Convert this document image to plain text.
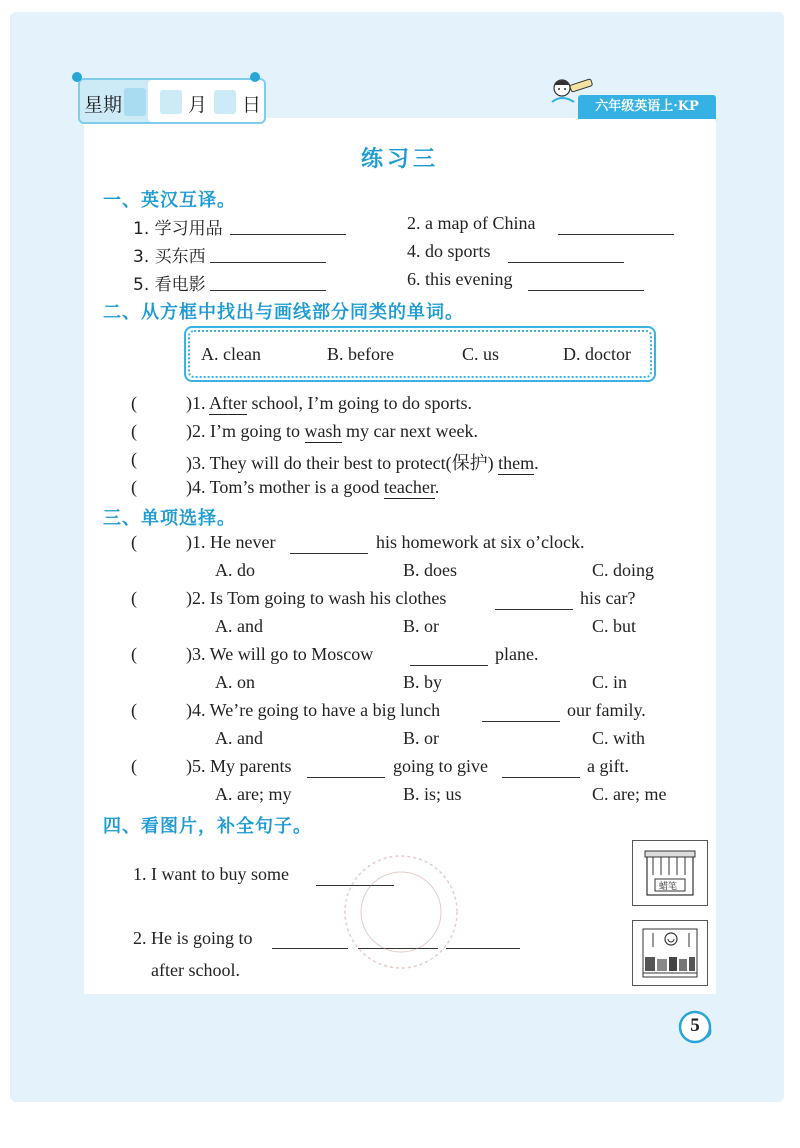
星期	月 日	六年级英语上·KP
练习三
一、英汉互译。
1. 学习用品	2. a map of China
3. 买东西	4. do sports
5. 看电影	6. this evening
二、从方框中找出与画线部分同类的单词。
A. clean	B. before	C. us	D. doctor
(	)1. After school, I’m going to do sports.
(	)2. I’m going to wash my car next week.
(	)3. They will do their best to protect(保护) them.
(	)4. Tom’s mother is a good teacher.
三、单项选择。
(	)1. He never	his homework at six o’clock.
A. do	B. does	C. doing
(	)2. Is Tom going to wash his clothes	his car?
A. and	B. or	C. but
(	)3. We will go to Moscow	plane.
A. on	B. by	C. in
(	)4. We’re going to have a big lunch	our family.
A. and	B. or	C. with
(	)5. My parents	going to give	a gift.
A. are; my	B. is; us	C. are; me
四、看图片，补全句子。
1. I want to buy some
2. He is going to
after school.
蜡笔
5
